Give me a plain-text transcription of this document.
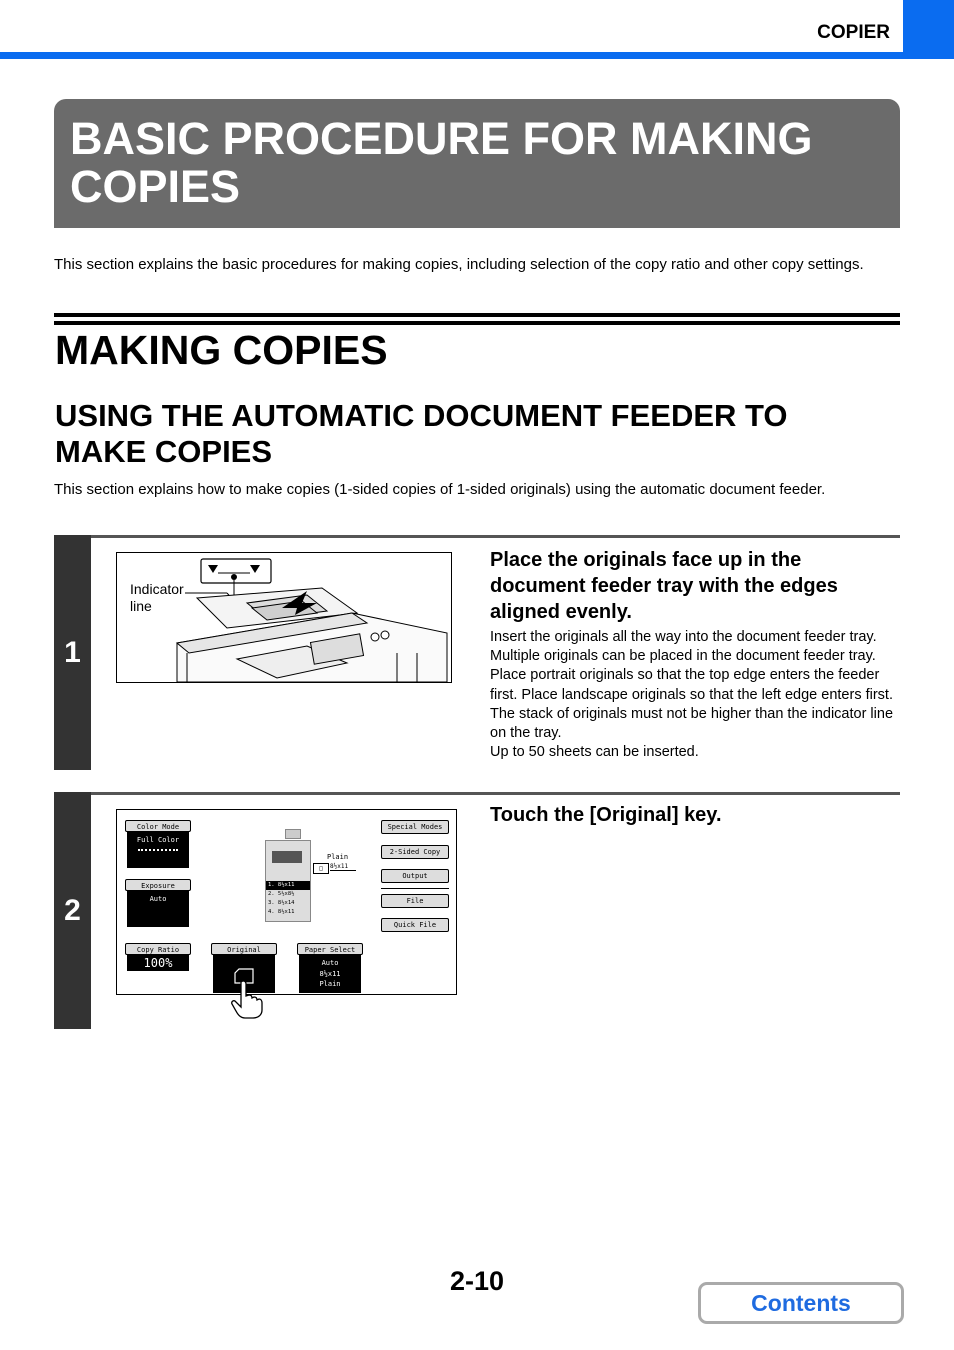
COPIER
BASIC PROCEDURE FOR MAKING COPIES
This section explains the basic procedures for making copies, including selection of the copy ratio and other copy settings.
MAKING COPIES
USING THE AUTOMATIC DOCUMENT FEEDER TO MAKE COPIES
This section explains how to make copies (1-sided copies of 1-sided originals) using the automatic document feeder.
1
Indicator line
Place the originals face up in the document feeder tray with the edges aligned evenly.
Insert the originals all the way into the document feeder tray.
Multiple originals can be placed in the document feeder tray.
Place portrait originals so that the top edge enters the feeder first. Place landscape originals so that the left edge enters first.
The stack of originals must not be higher than the indicator line on the tray.
Up to 50 sheets can be inserted.
2
Color Mode
Full Color
Exposure
Auto
Copy Ratio
100%
Original	Paper Select
Auto
8½x11
Plain
1. 8½x11
2. 5½x8½
3. 8½x14
4. 8½x11
Plain
□	8½x11
Special Modes
2-Sided Copy
Output
File
Quick File
Touch the [Original] key.
2-10
Contents
